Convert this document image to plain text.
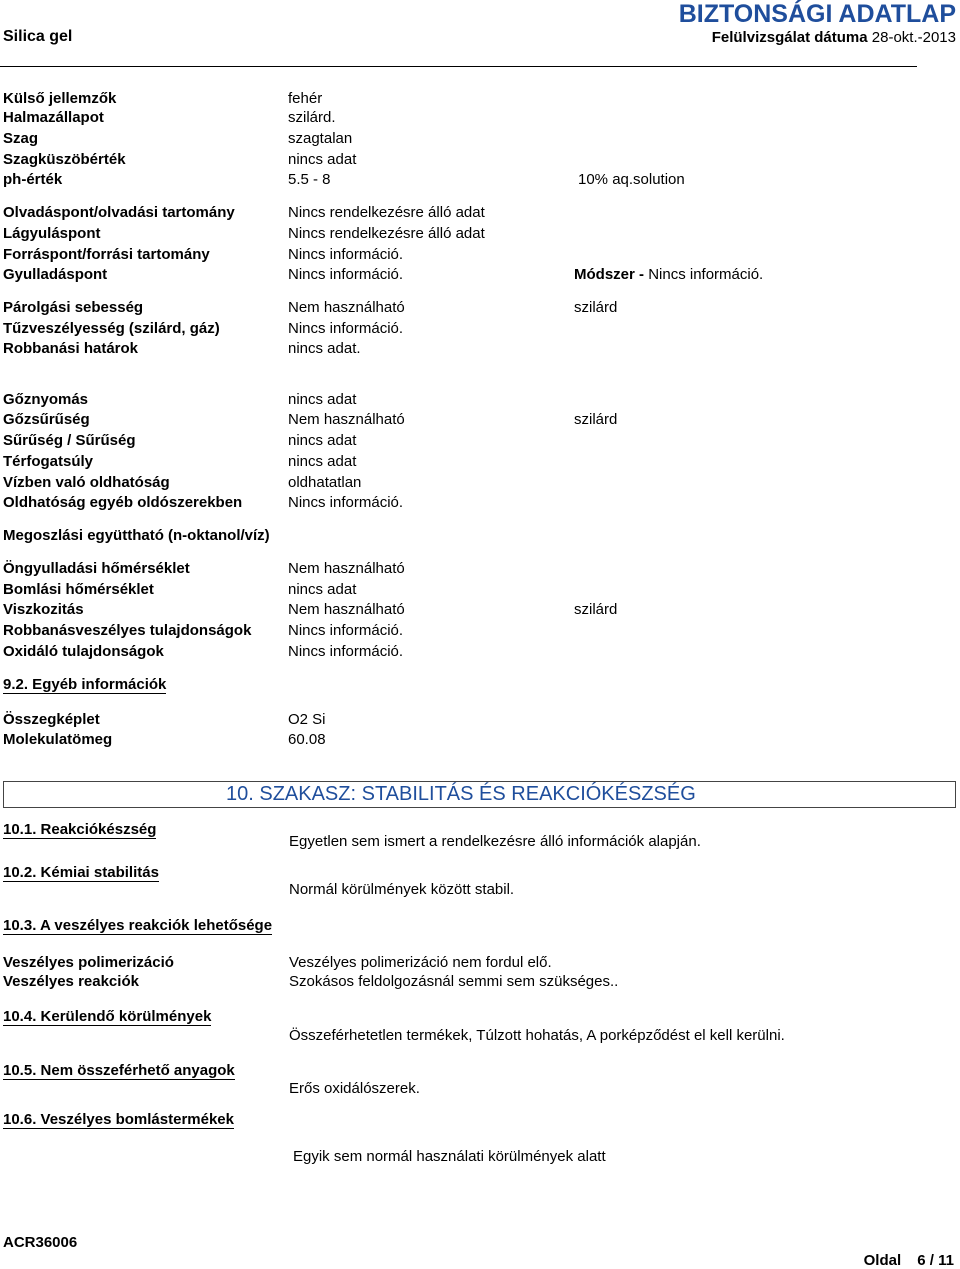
Silica gel
BIZTONSÁGI ADATLAP
Felülvizsgálat dátuma 28-okt.-2013
Külső jellemzők	fehér
Halmazállapot	szilárd.
Szag	szagtalan
Szagküszöbérték	nincs adat
ph-érték	5.5 - 8	10% aq.solution
Olvadáspont/olvadási tartomány	Nincs rendelkezésre álló adat
Lágyuláspont	Nincs rendelkezésre álló adat
Forráspont/forrási tartomány	Nincs információ.
Gyulladáspont	Nincs információ.	Módszer - Nincs információ.
Párolgási sebesség	Nem használható	szilárd
Tűzveszélyesség (szilárd, gáz)	Nincs információ.
Robbanási határok	nincs adat.
Gőznyomás	nincs adat
Gőzsűrűség	Nem használható	szilárd
Sűrűség / Sűrűség	nincs adat
Térfogatsúly	nincs adat
Vízben való oldhatóság	oldhatatlan
Oldhatóság egyéb oldószerekben	Nincs információ.
Megoszlási együttható (n-oktanol/víz)
Öngyulladási hőmérséklet	Nem használható
Bomlási hőmérséklet	nincs adat
Viszkozitás	Nem használható	szilárd
Robbanásveszélyes tulajdonságok Nincs információ.
Oxidáló tulajdonságok	Nincs információ.
9.2. Egyéb információk
Összegképlet	O2 Si
Molekulatömeg	60.08
10. SZAKASZ: STABILITÁS ÉS REAKCIÓKÉSZSÉG
10.1. Reakciókészség
Egyetlen sem ismert a rendelkezésre álló információk alapján.
10.2. Kémiai stabilitás
Normál körülmények között stabil.
10.3. A veszélyes reakciók lehetősége
Veszélyes polimerizáció	Veszélyes polimerizáció nem fordul elő.
Veszélyes reakciók	Szokásos feldolgozásnál semmi sem szükséges..
10.4. Kerülendő körülmények
Összeférhetetlen termékek, Túlzott hohatás, A porképződést el kell kerülni.
10.5. Nem összeférhető anyagok
Erős oxidálószerek.
10.6. Veszélyes bomlástermékek
Egyik sem normál használati körülmények alatt
ACR36006
Oldal 6 / 11
